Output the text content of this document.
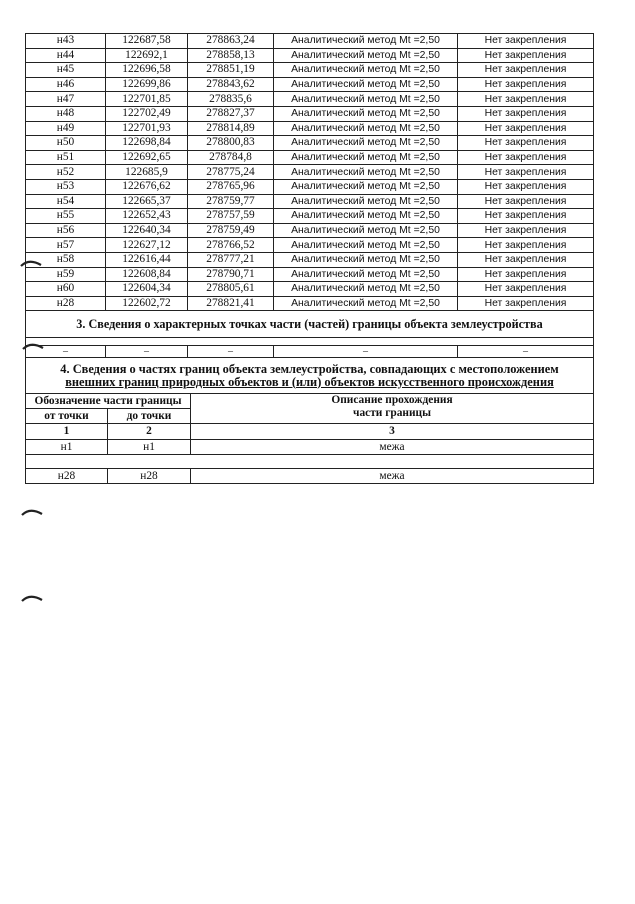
н43	122687,58	278863,24	Аналитический метод Mt =2,50	Нет закрепления
н44	122692,1	278858,13	Аналитический метод Mt =2,50	Нет закрепления
н45	122696,58	278851,19	Аналитический метод Mt =2,50	Нет закрепления
н46	122699,86	278843,62	Аналитический метод Mt =2,50	Нет закрепления
н47	122701,85	278835,6	Аналитический метод Mt =2,50	Нет закрепления
н48	122702,49	278827,37	Аналитический метод Mt =2,50	Нет закрепления
н49	122701,93	278814,89	Аналитический метод Mt =2,50	Нет закрепления
н50	122698,84	278800,83	Аналитический метод Mt =2,50	Нет закрепления
н51	122692,65	278784,8	Аналитический метод Mt =2,50	Нет закрепления
н52	122685,9	278775,24	Аналитический метод Mt =2,50	Нет закрепления
н53	122676,62	278765,96	Аналитический метод Mt =2,50	Нет закрепления
н54	122665,37	278759,77	Аналитический метод Mt =2,50	Нет закрепления
н55	122652,43	278757,59	Аналитический метод Mt =2,50	Нет закрепления
н56	122640,34	278759,49	Аналитический метод Mt =2,50	Нет закрепления
н57	122627,12	278766,52	Аналитический метод Mt =2,50	Нет закрепления
н58	122616,44	278777,21	Аналитический метод Mt =2,50	Нет закрепления
н59	122608,84	278790,71	Аналитический метод Mt =2,50	Нет закрепления
н60	122604,34	278805,61	Аналитический метод Mt =2,50	Нет закрепления
н28	122602,72	278821,41	Аналитический метод Mt =2,50	Нет закрепления
3. Сведения о характерных точках части (частей) границы объекта землеустройства				

–	–	–	–	–
4. Сведения о частях границ объекта землеустройства, совпадающих с местоположением
внешних границ природных объектов и (или) объектов искусственного происхождения		

Обозначение части границы		Описание прохождения
части границы

от точки	до точки	
1	2	3
н1	н1	межа

н28	н28	межа
